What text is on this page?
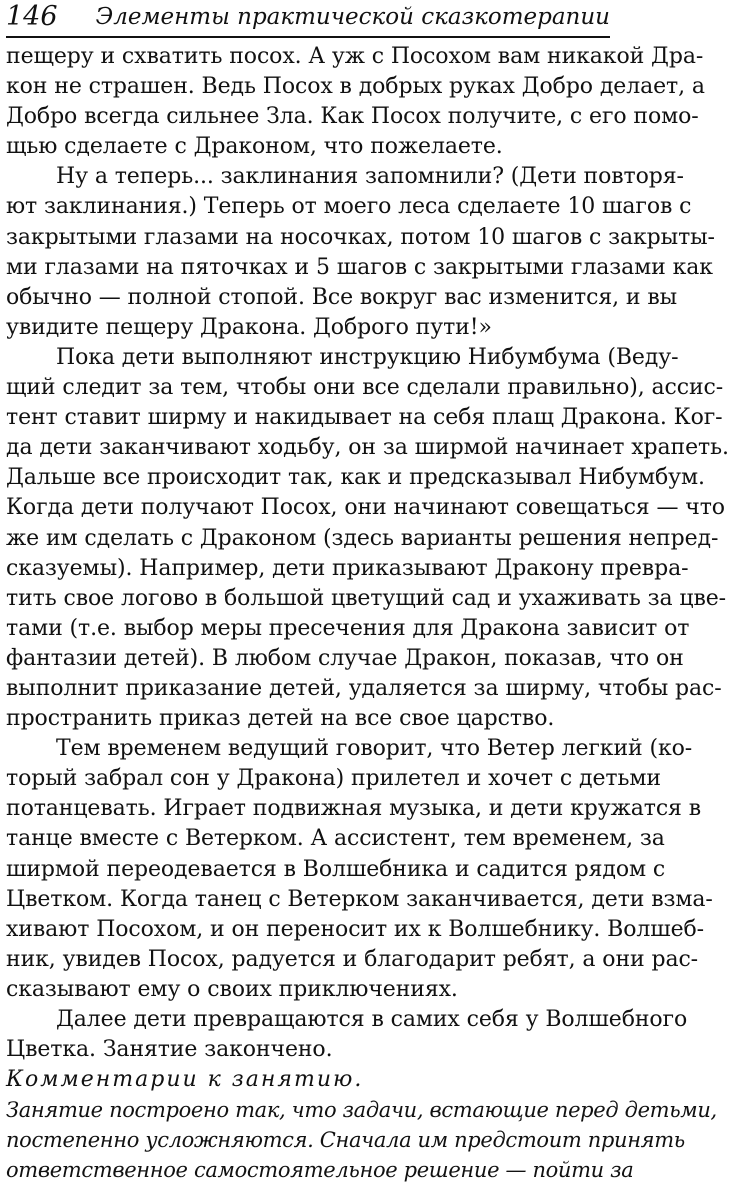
146 Элементы практической сказкотерапии
пещеру и схватить посох. А уж с Посохом вам никакой Дра-
кон не страшен. Ведь Посох в добрых руках Добро делает, а
Добро всегда сильнее Зла. Как Посох получите, с его помо-
щью сделаете с Драконом, что пожелаете.
Ну а теперь... заклинания запомнили? (Дети повторя-
ют заклинания.) Теперь от моего леса сделаете 10 шагов с
закрытыми глазами на носочках, потом 10 шагов с закрыты-
ми глазами на пяточках и 5 шагов с закрытыми глазами как
обычно — полной стопой. Все вокруг вас изменится, и вы
увидите пещеру Дракона. Доброго пути!»
Пока дети выполняют инструкцию Нибумбума (Веду-
щий следит за тем, чтобы они все сделали правильно), ассис-
тент ставит ширму и накидывает на себя плащ Дракона. Ког-
да дети заканчивают ходьбу, он за ширмой начинает храпеть.
Дальше все происходит так, как и предсказывал Нибумбум.
Когда дети получают Посох, они начинают совещаться — что
же им сделать с Драконом (здесь варианты решения непред-
сказуемы). Например, дети приказывают Дракону превра-
тить свое логово в большой цветущий сад и ухаживать за цве-
тами (т.е. выбор меры пресечения для Дракона зависит от
фантазии детей). В любом случае Дракон, показав, что он
выполнит приказание детей, удаляется за ширму, чтобы рас-
пространить приказ детей на все свое царство.
Тем временем ведущий говорит, что Ветер легкий (ко-
торый забрал сон у Дракона) прилетел и хочет с детьми
потанцевать. Играет подвижная музыка, и дети кружатся в
танце вместе с Ветерком. А ассистент, тем временем, за
ширмой переодевается в Волшебника и садится рядом с
Цветком. Когда танец с Ветерком заканчивается, дети взма-
хивают Посохом, и он переносит их к Волшебнику. Волшеб-
ник, увидев Посох, радуется и благодарит ребят, а они рас-
сказывают ему о своих приключениях.
Далее дети превращаются в самих себя у Волшебного
Цветка. Занятие закончено.
Комментарии к занятию.
Занятие построено так, что задачи, встающие перед детьми,
постепенно усложняются. Сначала им предстоит принять
ответственное самостоятельное решение — пойти за
